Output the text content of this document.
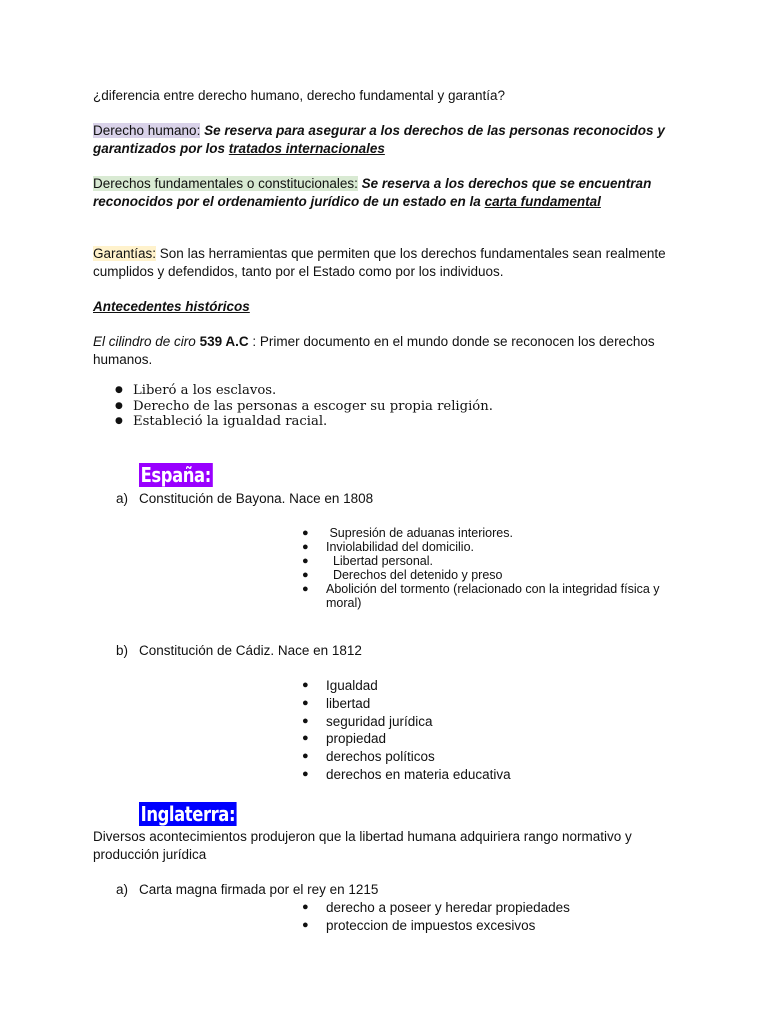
¿diferencia entre derecho humano, derecho fundamental y garantía?
Derecho humano: Se reserva para asegurar a los derechos de las personas reconocidos y garantizados por los tratados internacionales
Derechos fundamentales o constitucionales: Se reserva a los derechos que se encuentran reconocidos por el ordenamiento jurídico de un estado en la carta fundamental
Garantías: Son las herramientas que permiten que los derechos fundamentales sean realmente cumplidos y defendidos, tanto por el Estado como por los individuos.
Antecedentes históricos
El cilindro de ciro 539 A.C : Primer documento en el mundo donde se reconocen los derechos humanos.
● Liberó a los esclavos.
● Derecho de las personas a escoger su propia religión.
● Estableció la igualdad racial.
España:
a) Constitución de Bayona. Nace en 1808
●	Supresión de aduanas interiores.
●	Inviolabilidad del domicilio.
●	Libertad personal.
●	Derechos del detenido y preso
●	Abolición del tormento (relacionado con la integridad física y moral)
b) Constitución de Cádiz. Nace en 1812
●	Igualdad
●	libertad
●	seguridad jurídica
●	propiedad
●	derechos políticos
●	derechos en materia educativa
Inglaterra:
Diversos acontecimientos produjeron que la libertad humana adquiriera rango normativo y producción jurídica
a) Carta magna firmada por el rey en 1215
●	derecho a poseer y heredar propiedades
●	proteccion de impuestos excesivos
